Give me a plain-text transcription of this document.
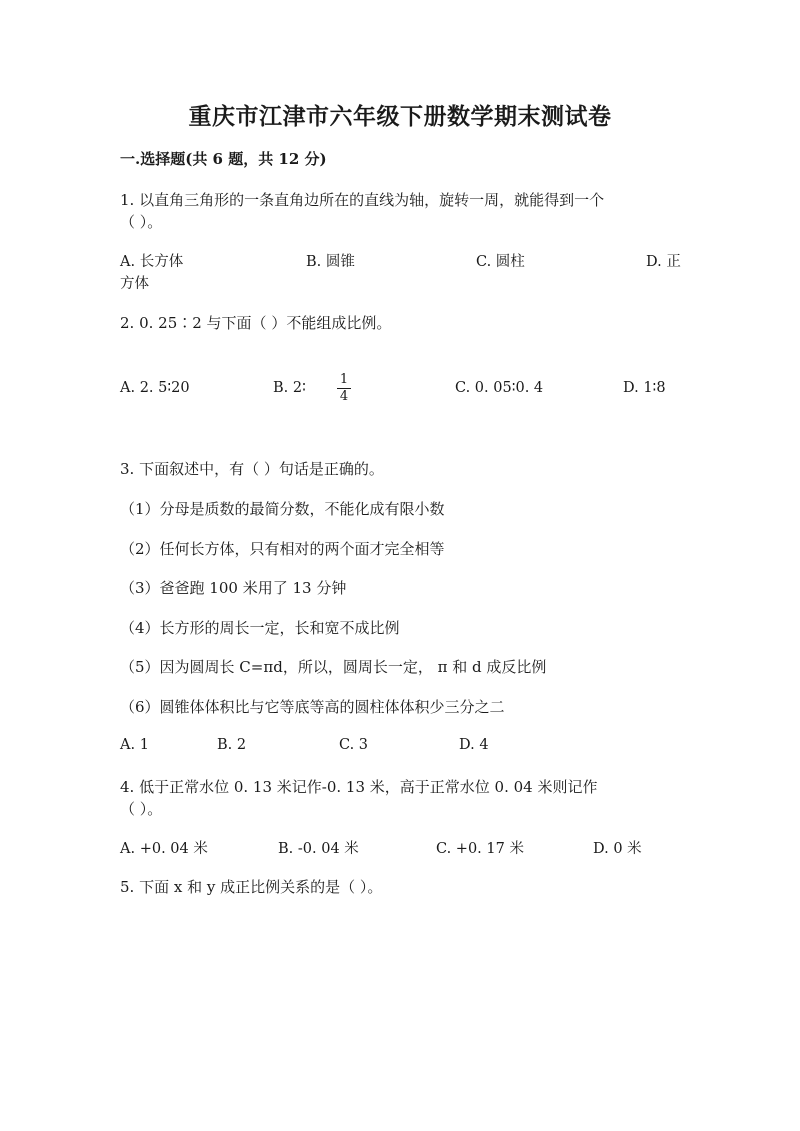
重庆市江津市六年级下册数学期末测试卷
一.选择题(共 6 题，共 12 分)
1. 以直角三角形的一条直角边所在的直线为轴，旋转一周，就能得到一个
（ ）。
A. 长方体	B. 圆锥	C. 圆柱	D. 正
方体
2. 0. 25∶2 与下面（ ）不能组成比例。
A. 2. 5∶20	B. 2∶
1
4
C. 0. 05∶0. 4	D. 1∶8
3. 下面叙述中，有（ ）句话是正确的。
（1）分母是质数的最简分数，不能化成有限小数
（2）任何长方体，只有相对的两个面才完全相等
（3）爸爸跑 100 米用了 13 分钟
（4）长方形的周长一定，长和宽不成比例
（5）因为圆周长 C=πd，所以，圆周长一定， π 和 d 成反比例
（6）圆锥体体积比与它等底等高的圆柱体体积少三分之二
A. 1	B. 2	C. 3	D. 4
4. 低于正常水位 0. 13 米记作-0. 13 米，高于正常水位 0. 04 米则记作
（ ）。
A. +0. 04 米	B. -0. 04 米	C. +0. 17 米	D. 0 米
5. 下面 x 和 y 成正比例关系的是（ ）。
